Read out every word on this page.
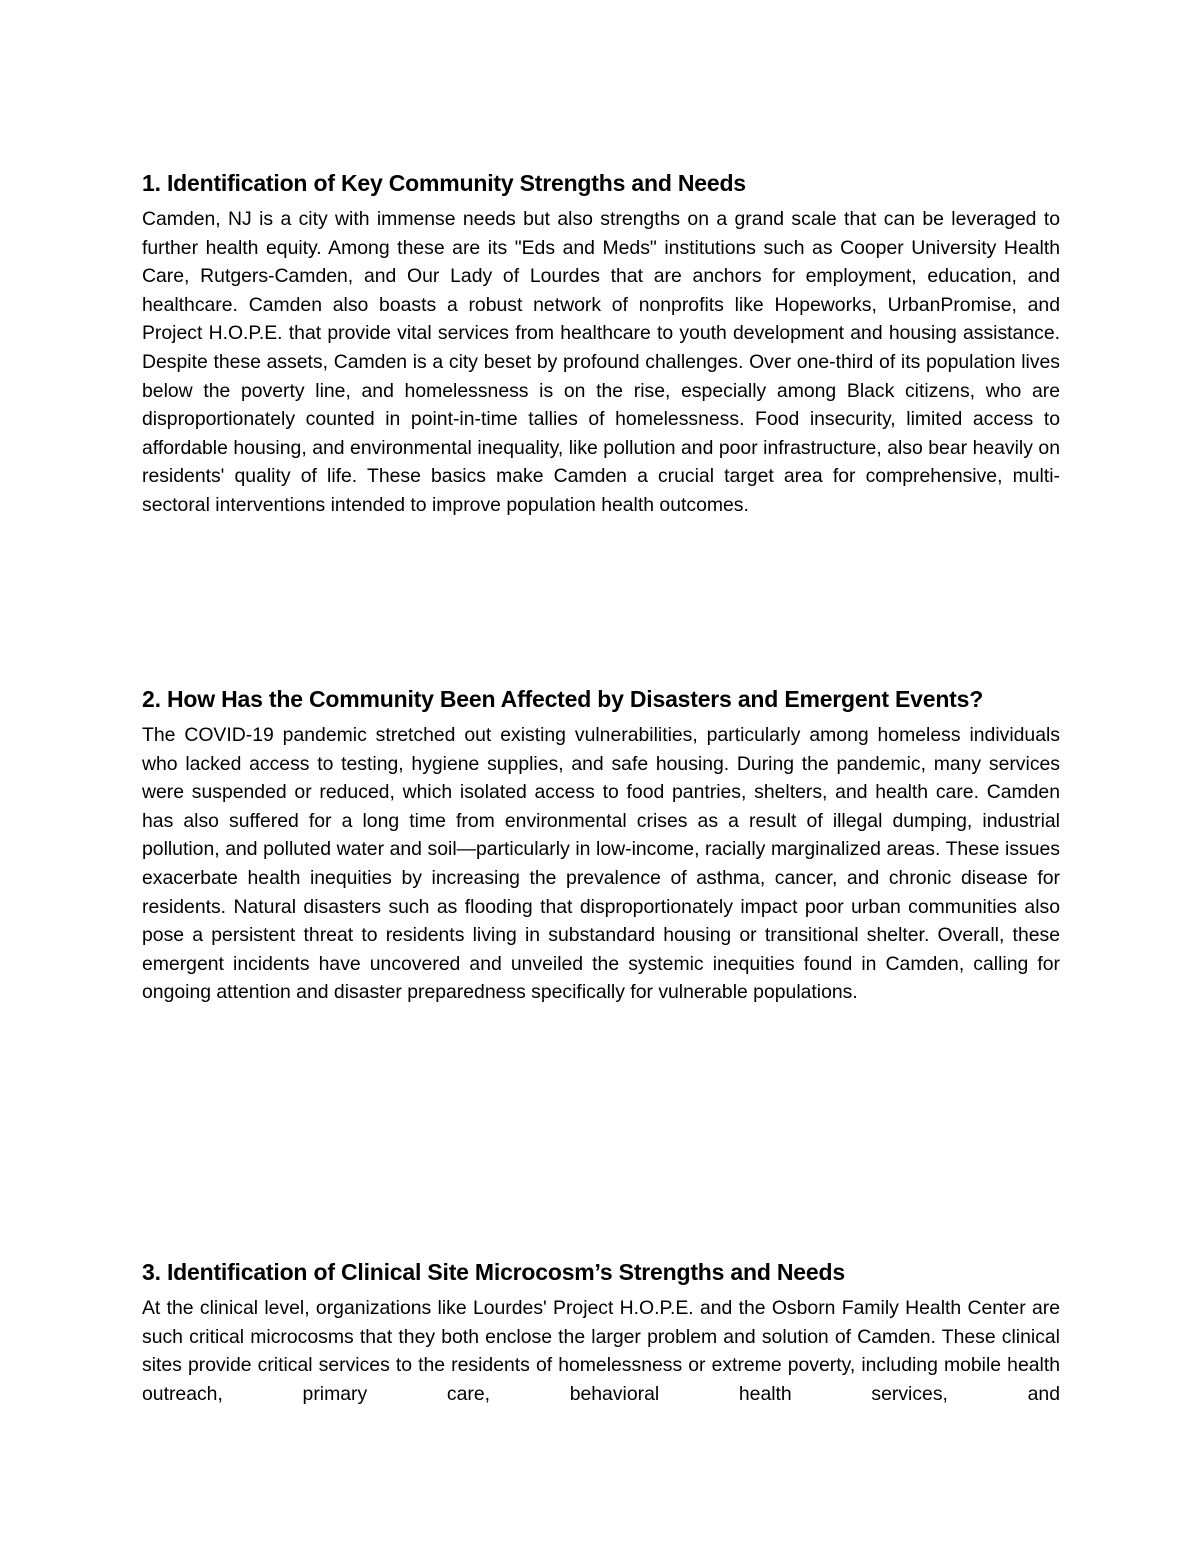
1. Identification of Key Community Strengths and Needs

Camden, NJ is a city with immense needs but also strengths on a grand scale that can be leveraged to further health equity. Among these are its "Eds and Meds" institutions such as Cooper University Health Care, Rutgers-Camden, and Our Lady of Lourdes that are anchors for employment, education, and healthcare. Camden also boasts a robust network of nonprofits like Hopeworks, UrbanPromise, and Project H.O.P.E. that provide vital services from healthcare to youth development and housing assistance. Despite these assets, Camden is a city beset by profound challenges. Over one-third of its population lives below the poverty line, and homelessness is on the rise, especially among Black citizens, who are disproportionately counted in point-in-time tallies of homelessness. Food insecurity, limited access to affordable housing, and environmental inequality, like pollution and poor infrastructure, also bear heavily on residents' quality of life. These basics make Camden a crucial target area for comprehensive, multi-sectoral interventions intended to improve population health outcomes.

2. How Has the Community Been Affected by Disasters and Emergent Events?

The COVID-19 pandemic stretched out existing vulnerabilities, particularly among homeless individuals who lacked access to testing, hygiene supplies, and safe housing. During the pandemic, many services were suspended or reduced, which isolated access to food pantries, shelters, and health care. Camden has also suffered for a long time from environmental crises as a result of illegal dumping, industrial pollution, and polluted water and soil—particularly in low-income, racially marginalized areas. These issues exacerbate health inequities by increasing the prevalence of asthma, cancer, and chronic disease for residents. Natural disasters such as flooding that disproportionately impact poor urban communities also pose a persistent threat to residents living in substandard housing or transitional shelter. Overall, these emergent incidents have uncovered and unveiled the systemic inequities found in Camden, calling for ongoing attention and disaster preparedness specifically for vulnerable populations.

3. Identification of Clinical Site Microcosm’s Strengths and Needs

At the clinical level, organizations like Lourdes' Project H.O.P.E. and the Osborn Family Health Center are such critical microcosms that they both enclose the larger problem and solution of Camden. These clinical sites provide critical services to the residents of homelessness or extreme poverty, including mobile health outreach, primary care, behavioral health services, and
